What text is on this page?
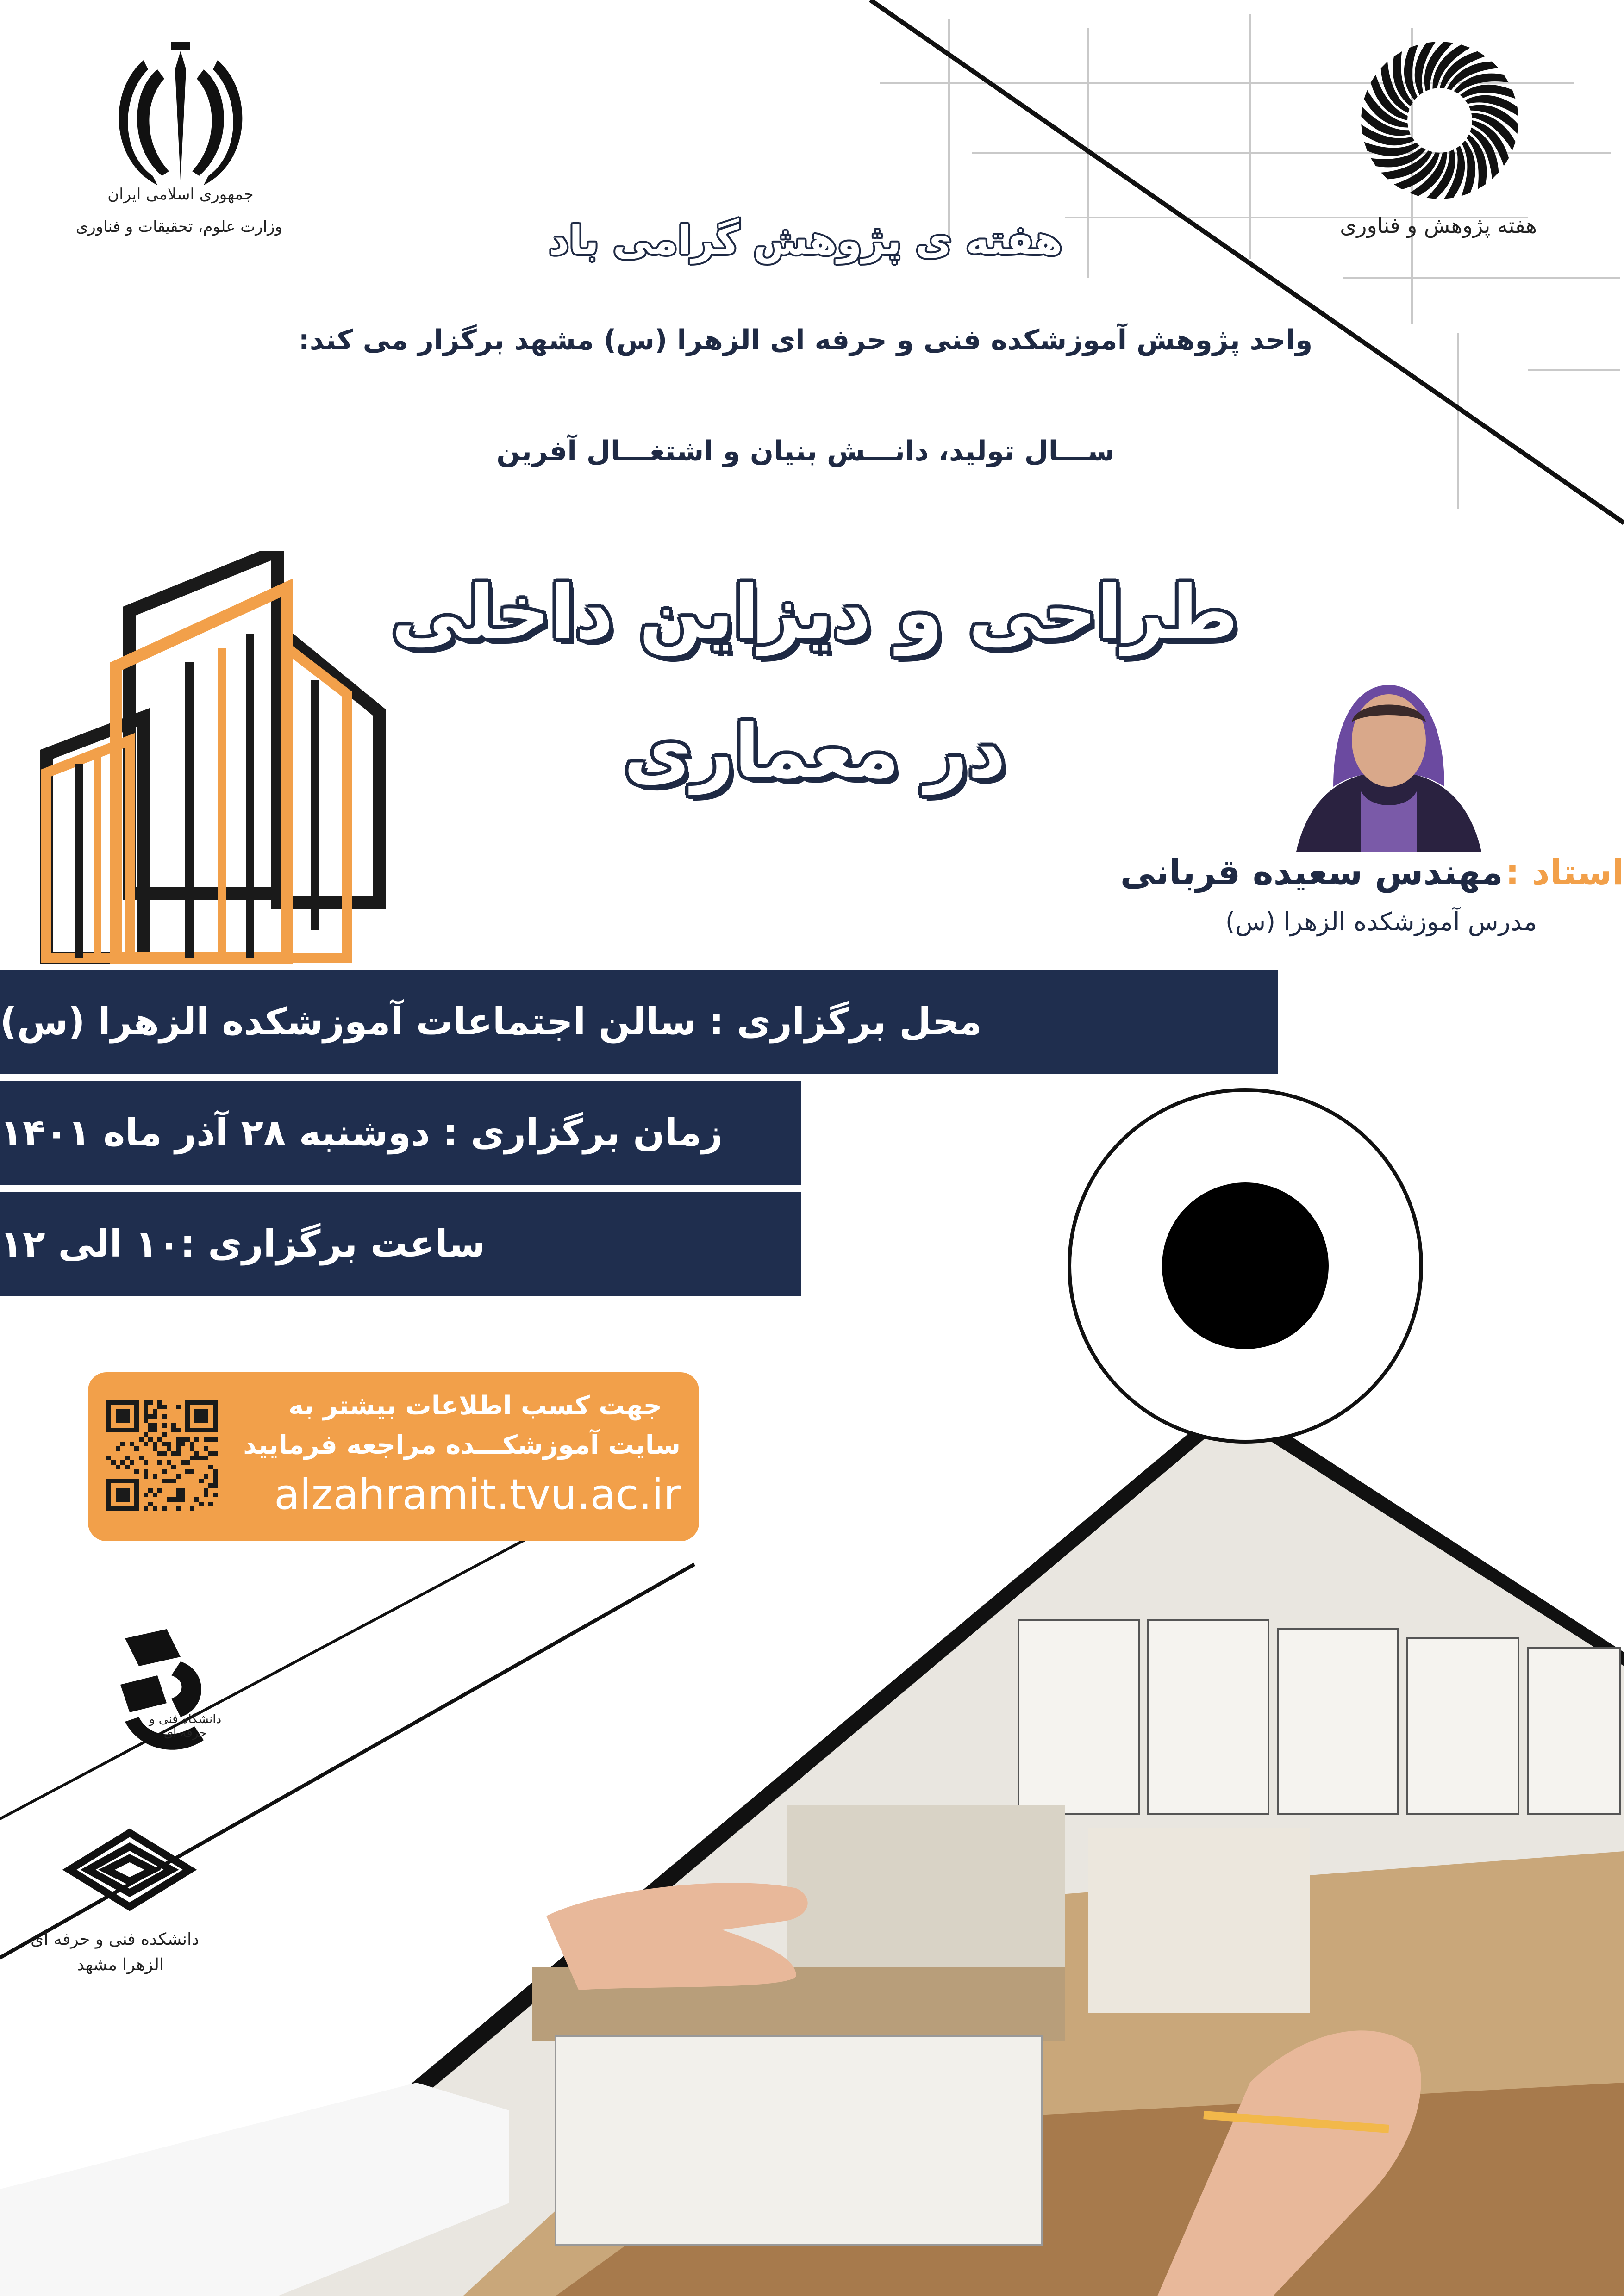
جمهوری اسلامی ایران
وزارت علوم، تحقیقات و فناوری	هفته پژوهش و فناوری
هفته ی پژوهش گرامی باد
واحد پژوهش آموزشکده فنی و حرفه ای الزهرا (س) مشهد برگزار می کند:
ســـال تولید، دانـــش بنیان و اشتغـــال آفرین
طراحی و دیزاین داخلی
در معماری
استاد : مهندس سعیده قربانی
مدرس آموزشکده الزهرا (س)
محل برگزاری : سالن اجتماعات آموزشکده الزهرا (س)
زمان برگزاری : دوشنبه ۲۸ آذر ماه ۱۴۰۱
ساعت برگزاری :۱۰ الی ۱۲
جهت کسب اطلاعات بیشتر به
سایت آموزشکـــده مراجعه فرمایید
alzahramit.tvu.ac.ir
دانشگاه فنی و حرفه ای
دانشکده فنی و حرفه ای
الزهرا مشهد
